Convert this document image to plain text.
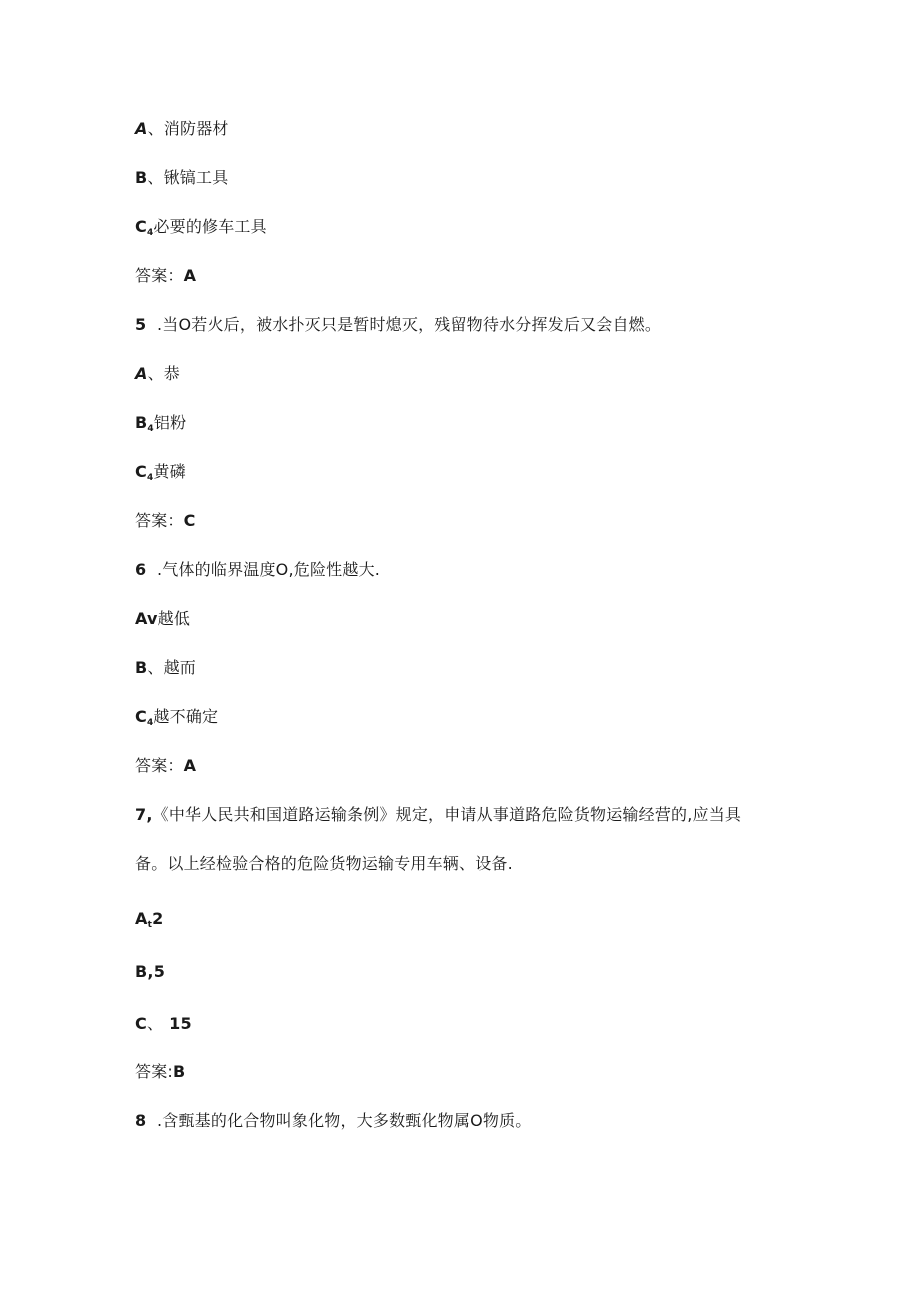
A、消防器材
B、锹镐工具
$C_4$必要的修车工具
答案：A
5 .当O若火后，被水扑灭只是暂时熄灭，残留物待水分挥发后又会自燃。
A、恭
$B_4$铝粉
$C_4$黄磷
答案：C
6 .气体的临界温度O,危险性越大.
Av越低
B、越而
$C_4$越不确定
答案：A
7,《中华人民共和国道路运输条例》规定，申请从事道路危险货物运输经营的,应当具
备。以上经检验合格的危险货物运输专用车辆、设备.
$A_t2$
B,5
C、 15
答案:B
8 .含甄基的化合物叫象化物，大多数甄化物属O物质。
